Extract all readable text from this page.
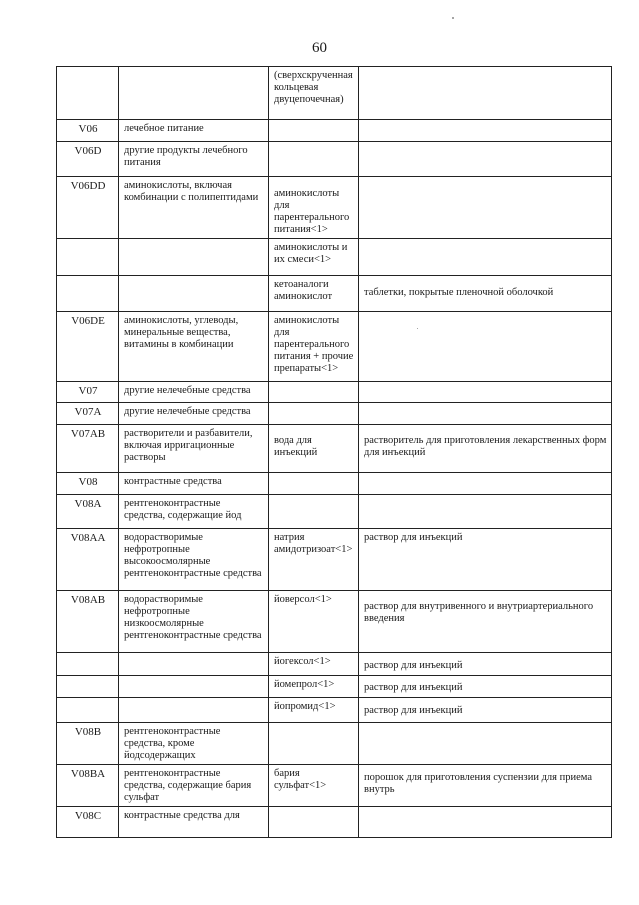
60
		(сверхскрученная кольцевая двуцепочечная)	
V06	лечебное питание		
V06D	другие продукты лечебного питания		
V06DD	аминокислоты, включая комбинации с полипептидами	аминокислоты для парентерального питания<1>	

		аминокислоты и их смеси<1>	
		кетоаналоги аминокислот	таблетки, покрытые пленочной оболочкой

V06DE	аминокислоты, углеводы, минеральные вещества, витамины в комбинации	аминокислоты для парентерального питания + прочие препараты<1>	
V07	другие нелечебные средства		
V07A	другие нелечебные средства		
V07AB	растворители и разбавители, включая ирригационные растворы	вода для инъекций	растворитель для приготовления лекарственных форм для инъекций

V08	контрастные средства		
V08A	рентгеноконтрастные средства, содержащие йод		
V08AA	водорастворимые нефротропные высокоосмолярные рентгеноконтрастные средства	натрия амидотризоат<1>	раствор для инъекций
V08AB	водорастворимые нефротропные низкоосмолярные рентгеноконтрастные средства	йоверсол<1>	раствор для внутривенного и внутриартериального введения

		йогексол<1>	раствор для инъекций

		йомепрол<1>	раствор для инъекций

		йопромид<1>	раствор для инъекций

V08B	рентгеноконтрастные средства, кроме йодсодержащих		
V08BA	рентгеноконтрастные средства, содержащие бария сульфат	бария сульфат<1>	порошок для приготовления суспензии для приема внутрь

V08C	контрастные средства для		
